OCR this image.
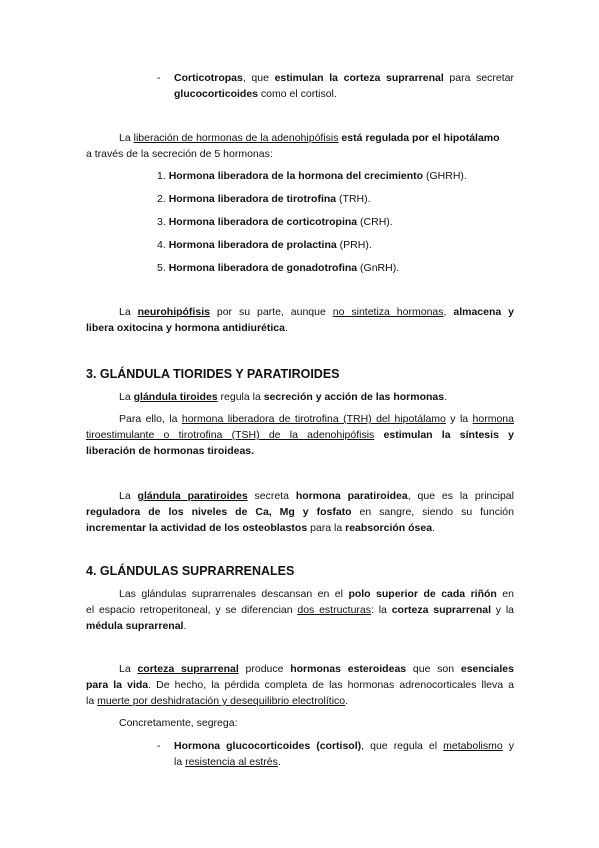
- Corticotropas, que estimulan la corteza suprarrenal para secretar
glucocorticoides como el cortisol.
La liberación de hormonas de la adenohipófisis está regulada por el hipotálamo
a través de la secreción de 5 hormonas:
1. Hormona liberadora de la hormona del crecimiento (GHRH).
2. Hormona liberadora de tirotrofina (TRH).
3. Hormona liberadora de corticotropina (CRH).
4. Hormona liberadora de prolactina (PRH).
5. Hormona liberadora de gonadotrofina (GnRH).
La neurohipófisis por su parte, aunque no sintetiza hormonas, almacena y
libera oxitocina y hormona antidiurética.
3. GLÁNDULA TIORIDES Y PARATIROIDES
La glándula tiroides regula la secreción y acción de las hormonas.
Para ello, la hormona liberadora de tirotrofina (TRH) del hipotálamo y la hormona
tiroestimulante o tirotrofina (TSH) de la adenohipófisis estimulan la síntesis y
liberación de hormonas tiroideas.
La glándula paratiroides secreta hormona paratiroidea, que es la principal
reguladora de los niveles de Ca, Mg y fosfato en sangre, siendo su función
incrementar la actividad de los osteoblastos para la reabsorción ósea.
4. GLÁNDULAS SUPRARRENALES
Las glándulas suprarrenales descansan en el polo superior de cada riñón en
el espacio retroperitoneal, y se diferencian dos estructuras: la corteza suprarrenal y la
médula suprarrenal.
La corteza suprarrenal produce hormonas esteroideas que son esenciales
para la vida. De hecho, la pérdida completa de las hormonas adrenocorticales lleva a
la muerte por deshidratación y desequilibrio electrolítico.
Concretamente, segrega:
- Hormona glucocorticoides (cortisol), que regula el metabolismo y
la resistencia al estrés.
